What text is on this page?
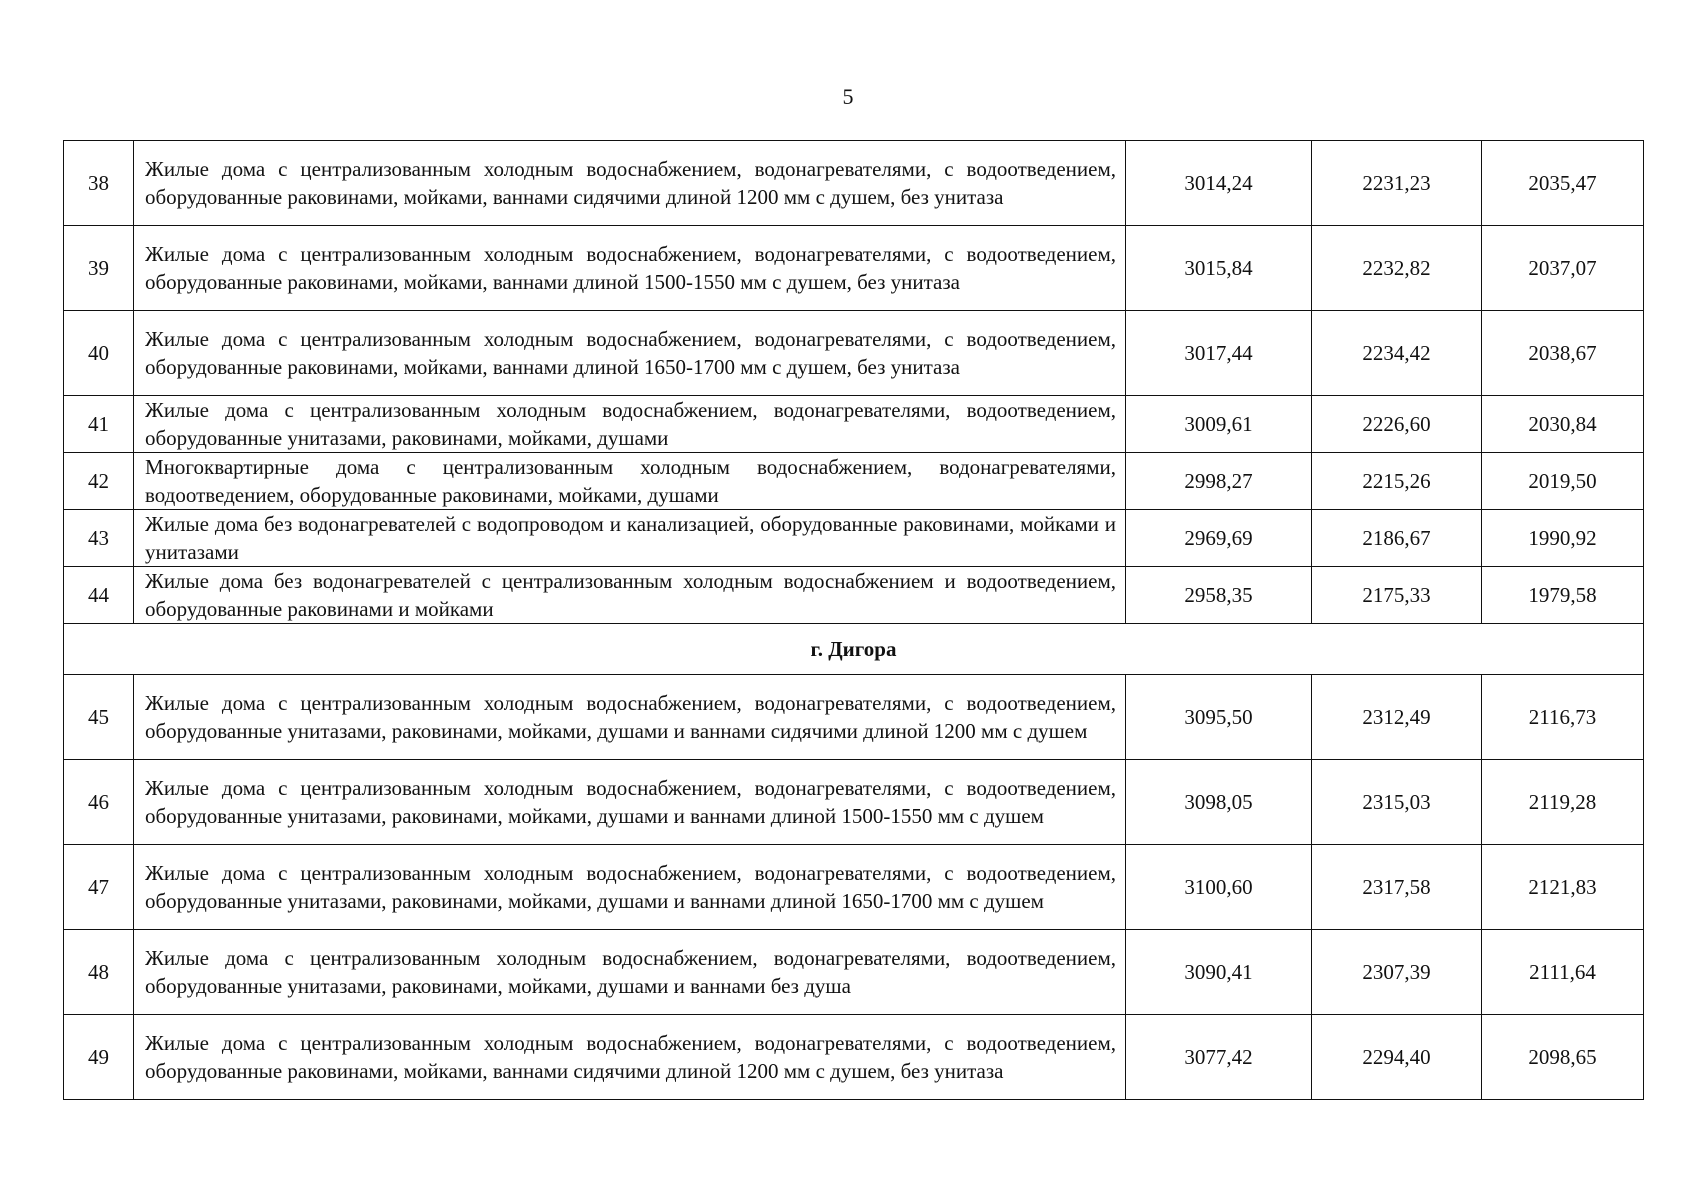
5
38	Жилые дома с централизованным холодным водоснабжением, водонагревателями, с водоотведением, оборудованные раковинами, мойками, ваннами сидячими длиной 1200 мм с душем, без унитаза	3014,24	2231,23	2035,47
39	Жилые дома с централизованным холодным водоснабжением, водонагревателями, с водоотведением, оборудованные раковинами, мойками, ваннами длиной 1500-1550 мм с душем, без унитаза	3015,84	2232,82	2037,07
40	Жилые дома с централизованным холодным водоснабжением, водонагревателями, с водоотведением, оборудованные раковинами, мойками, ваннами длиной 1650-1700 мм с душем, без унитаза	3017,44	2234,42	2038,67
41	Жилые дома с централизованным холодным водоснабжением, водонагревателями, водоотведением, оборудованные унитазами, раковинами, мойками, душами	3009,61	2226,60	2030,84
42	Многоквартирные дома с централизованным холодным водоснабжением, водонагревателями, водоотведением, оборудованные раковинами, мойками, душами	2998,27	2215,26	2019,50
43	Жилые дома без водонагревателей с водопроводом и канализацией, оборудованные раковинами, мойками и унитазами	2969,69	2186,67	1990,92
44	Жилые дома без водонагревателей с централизованным холодным водоснабжением и водоотведением, оборудованные раковинами и мойками	2958,35	2175,33	1979,58
г. Дигора				
45	Жилые дома с централизованным холодным водоснабжением, водонагревателями, с водоотведением, оборудованные унитазами, раковинами, мойками, душами и ваннами сидячими длиной 1200 мм с душем	3095,50	2312,49	2116,73
46	Жилые дома с централизованным холодным водоснабжением, водонагревателями, с водоотведением, оборудованные унитазами, раковинами, мойками, душами и ваннами длиной 1500-1550 мм с душем	3098,05	2315,03	2119,28
47	Жилые дома с централизованным холодным водоснабжением, водонагревателями, с водоотведением, оборудованные унитазами, раковинами, мойками, душами и ваннами длиной 1650-1700 мм с душем	3100,60	2317,58	2121,83
48	Жилые дома с централизованным холодным водоснабжением, водонагревателями, водоотведением, оборудованные унитазами, раковинами, мойками, душами и ваннами без душа	3090,41	2307,39	2111,64
49	Жилые дома с централизованным холодным водоснабжением, водонагревателями, с водоотведением, оборудованные раковинами, мойками, ваннами сидячими длиной 1200 мм с душем, без унитаза	3077,42	2294,40	2098,65
